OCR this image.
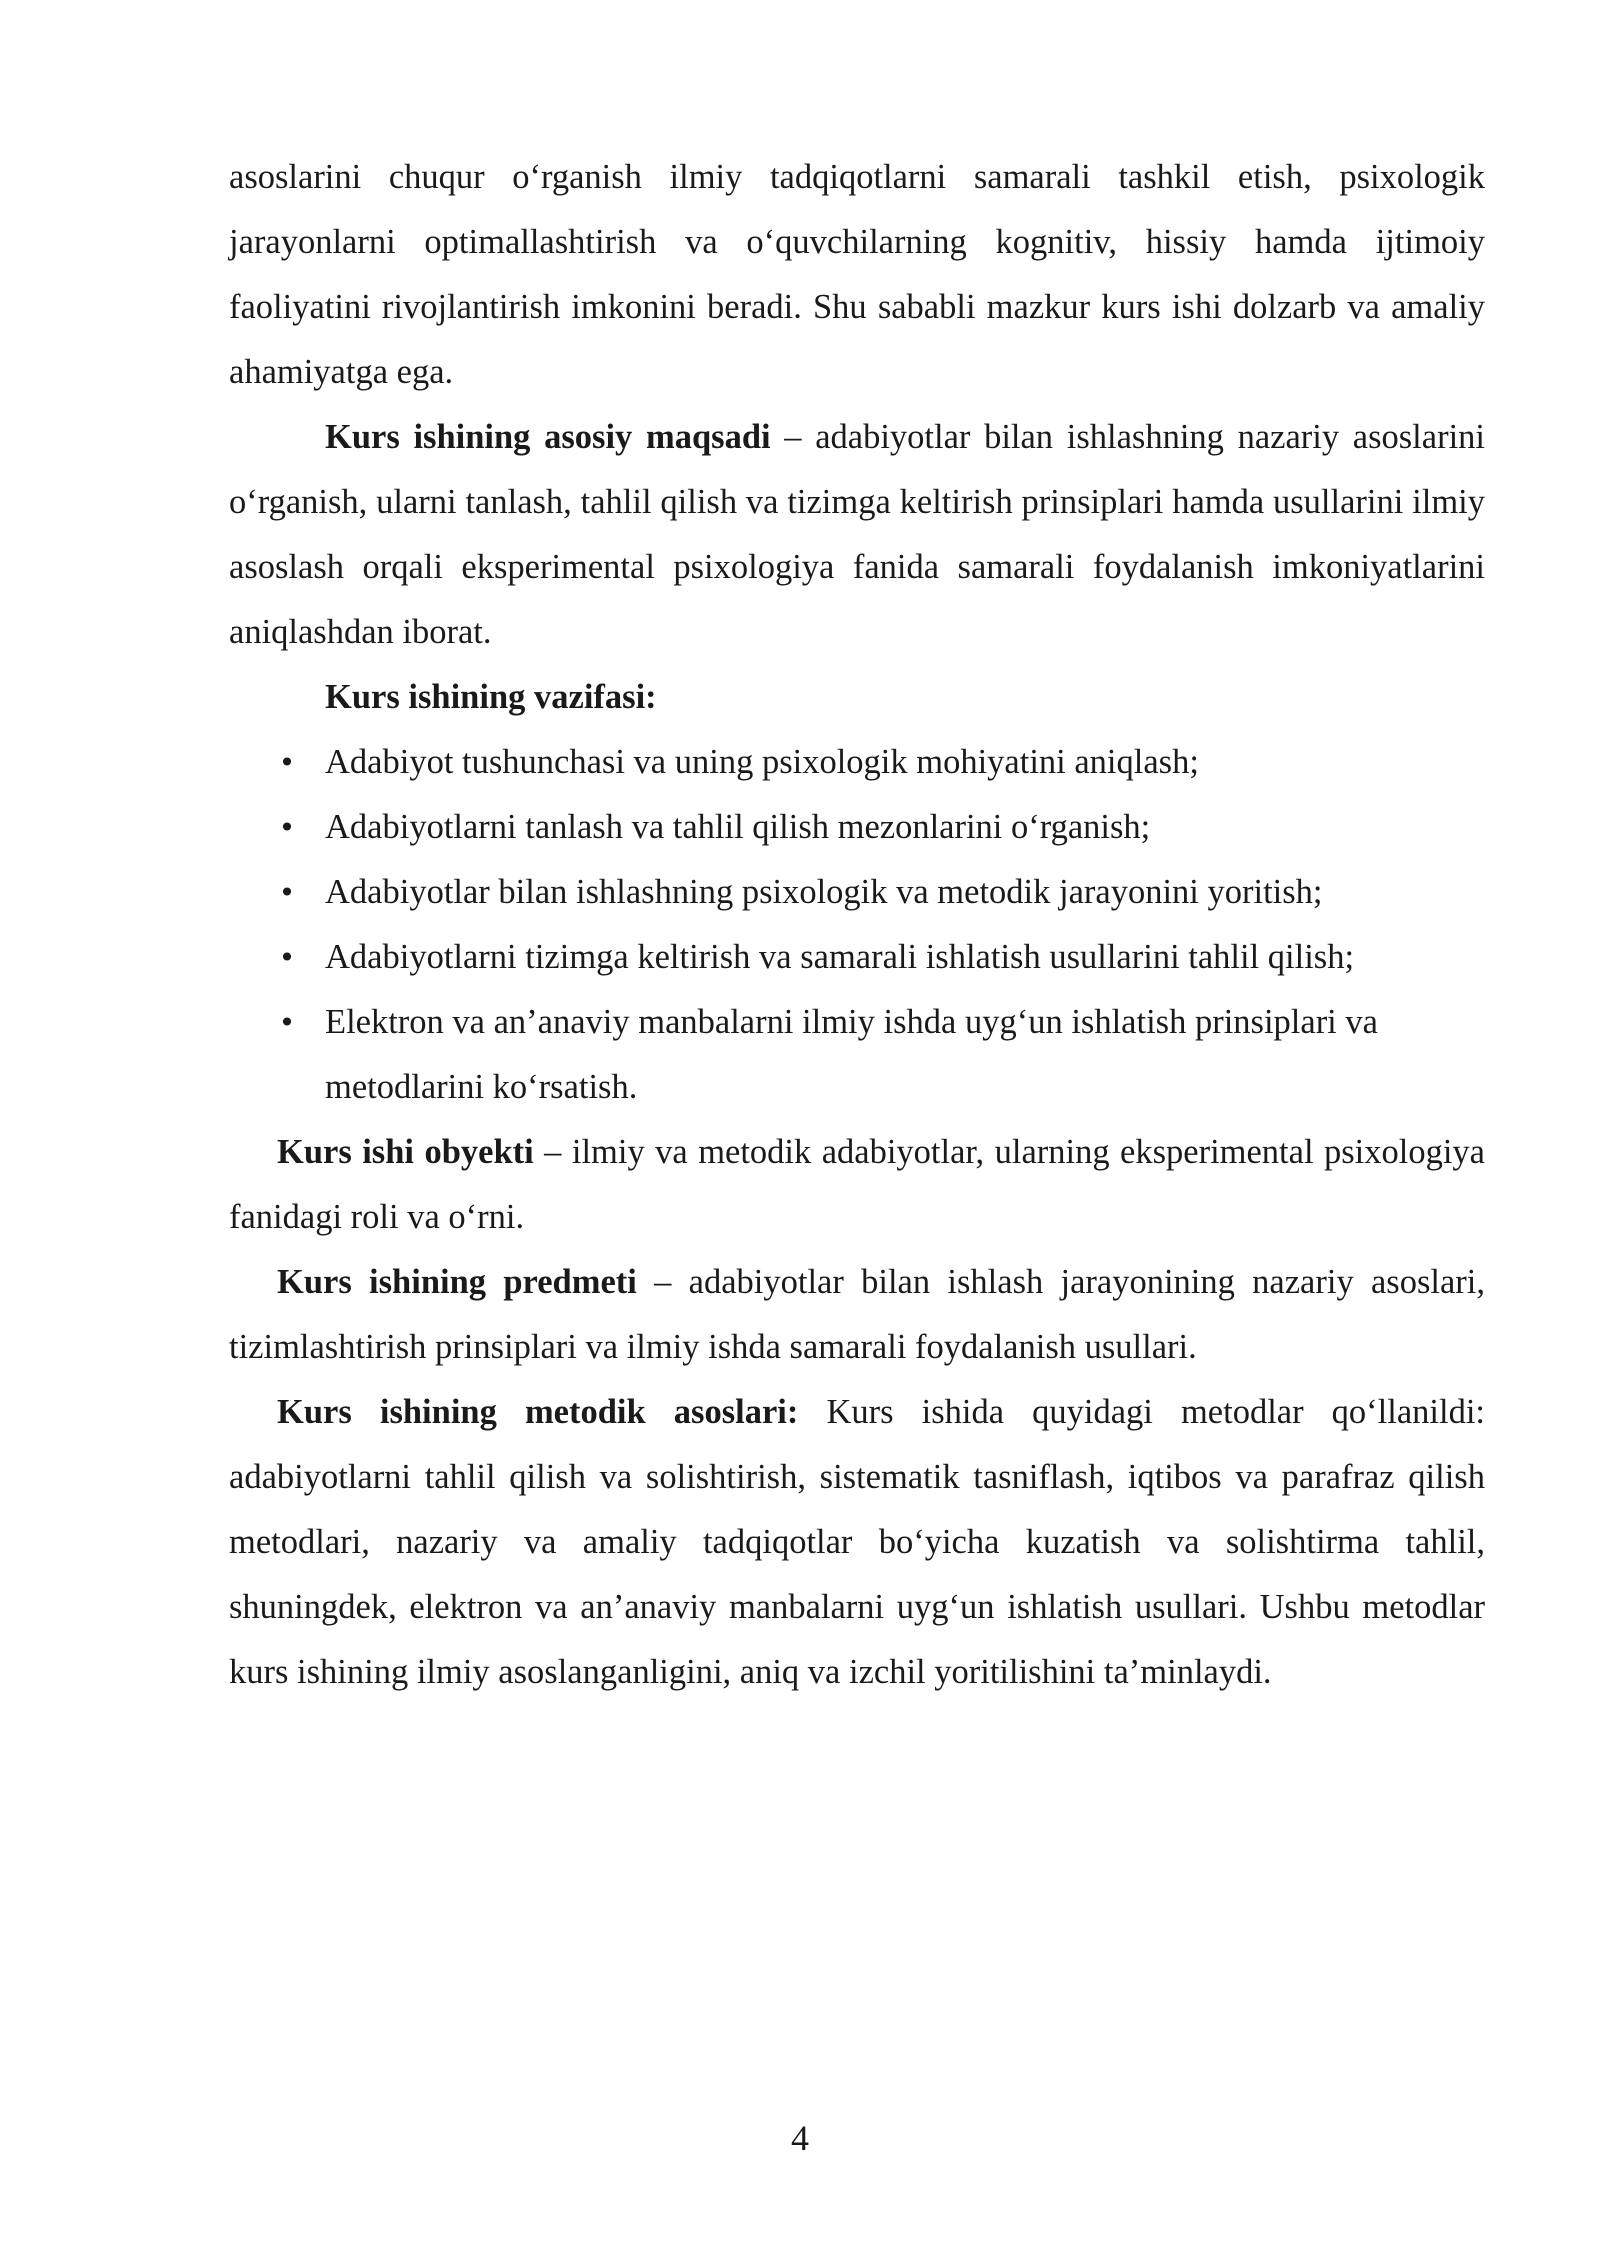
asoslarini chuqur o‘rganish ilmiy tadqiqotlarni samarali tashkil etish, psixologik jarayonlarni optimallashtirish va o‘quvchilarning kognitiv, hissiy hamda ijtimoiy faoliyatini rivojlantirish imkonini beradi. Shu sababli mazkur kurs ishi dolzarb va amaliy ahamiyatga ega.

Kurs ishining asosiy maqsadi – adabiyotlar bilan ishlashning nazariy asoslarini o‘rganish, ularni tanlash, tahlil qilish va tizimga keltirish prinsiplari hamda usullarini ilmiy asoslash orqali eksperimental psixologiya fanida samarali foydalanish imkoniyatlarini aniqlashdan iborat.

Kurs ishining vazifasi:

• Adabiyot tushunchasi va uning psixologik mohiyatini aniqlash;
• Adabiyotlarni tanlash va tahlil qilish mezonlarini o‘rganish;
• Adabiyotlar bilan ishlashning psixologik va metodik jarayonini yoritish;
• Adabiyotlarni tizimga keltirish va samarali ishlatish usullarini tahlil qilish;
• Elektron va an’anaviy manbalarni ilmiy ishda uyg‘un ishlatish prinsiplari va metodlarini ko‘rsatish.

Kurs ishi obyekti – ilmiy va metodik adabiyotlar, ularning eksperimental psixologiya fanidagi roli va o‘rni.

Kurs ishining predmeti – adabiyotlar bilan ishlash jarayonining nazariy asoslari, tizimlashtirish prinsiplari va ilmiy ishda samarali foydalanish usullari.

Kurs ishining metodik asoslari: Kurs ishida quyidagi metodlar qo‘llanildi: adabiyotlarni tahlil qilish va solishtirish, sistematik tasniflash, iqtibos va parafraz qilish metodlari, nazariy va amaliy tadqiqotlar bo‘yicha kuzatish va solishtirma tahlil, shuningdek, elektron va an’anaviy manbalarni uyg‘un ishlatish usullari. Ushbu metodlar kurs ishining ilmiy asoslanganligini, aniq va izchil yoritilishini ta’minlaydi.

4
